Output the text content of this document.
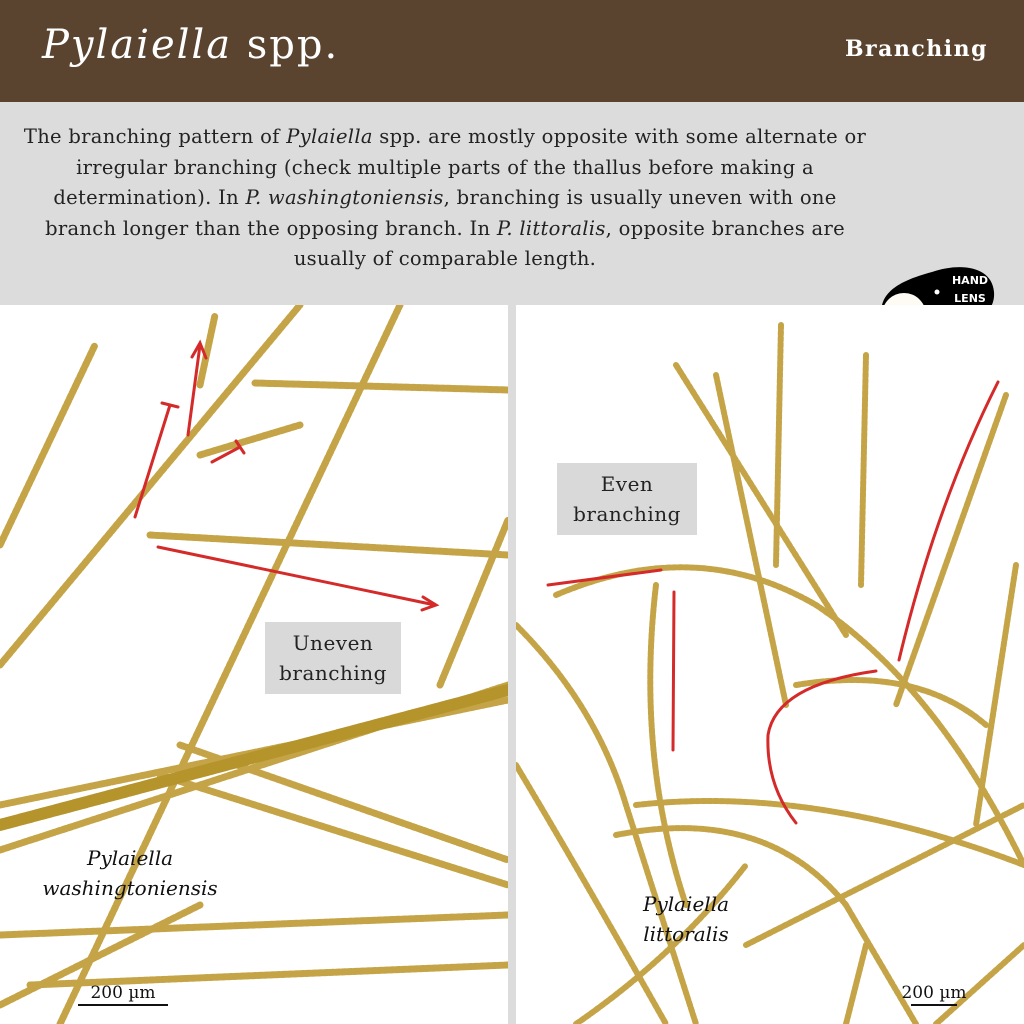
Pylaiella spp.	Branching

The branching pattern of Pylaiella spp. are mostly opposite with some alternate or irregular branching (check multiple parts of the thallus before making a determination). In P. washingtoniensis, branching is usually uneven with one branch longer than the opposing branch. In P. littoralis, opposite branches are usually of comparable length.

HAND
LENS
Uneven
branching
Pylaiella
washingtoniensis
200 µm
Even
branching
Pylaiella
littoralis
200 µm
